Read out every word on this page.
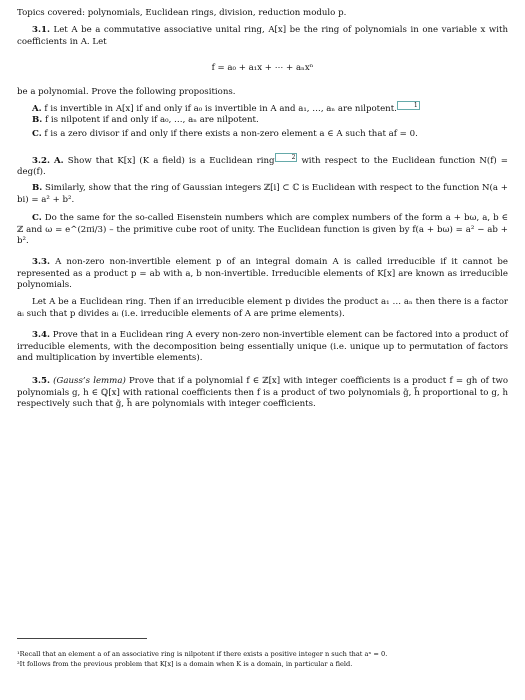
Topics covered: polynomials, Euclidean rings, division, reduction modulo p.

3.1. Let A be a commutative associative unital ring, A[x] be the ring of polynomials in one variable x with coefficients in A. Let

f = a₀ + a₁x + ⋯ + aₙxⁿ

be a polynomial. Prove the following propositions.

A. f is invertible in A[x] if and only if a₀ is invertible in A and a₁, …, aₙ are nilpotent.	1

B. f is nilpotent if and only if a₀, …, aₙ are nilpotent.

C. f is a zero divisor if and only if there exists a non-zero element a ∈ A such that af = 0.

3.2. A. Show that K[x] (K a field) is a Euclidean ring	2 with respect to the Euclidean function N(f) = deg(f).

B. Similarly, show that the ring of Gaussian integers ℤ[i] ⊂ ℂ is Euclidean with respect to the function N(a + bi) = a² + b².

C. Do the same for the so-called Eisenstein numbers which are complex numbers of the form a + bω, a, b ∈ ℤ and ω = e^(2πi/3) – the primitive cube root of unity. The Euclidean function is given by f(a + bω) = a² − ab + b².

3.3. A non-zero non-invertible element p of an integral domain A is called irreducible if it cannot be represented as a product p = ab with a, b non-invertible. Irreducible elements of K[x] are known as irreducible polynomials.

Let A be a Euclidean ring. Then if an irreducible element p divides the product a₁ … aₙ then there is a factor aᵢ such that p divides aᵢ (i.e. irreducible elements of A are prime elements).

3.4. Prove that in a Euclidean ring A every non-zero non-invertible element can be factored into a product of irreducible elements, with the decomposition being essentially unique (i.e. unique up to permutation of factors and multiplication by invertible elements).

3.5. (Gauss’s lemma) Prove that if a polynomial f ∈ ℤ[x] with integer coefficients is a product f = gh of two polynomials g, h ∈ ℚ[x] with rational coefficients then f is a product of two polynomials g̃, h̃ proportional to g, h respectively such that g̃, h̃ are polynomials with integer coefficients.

¹Recall that an element a of an associative ring is nilpotent if there exists a positive integer n such that aⁿ = 0.

²It follows from the previous problem that K[x] is a domain when K is a domain, in particular a field.
